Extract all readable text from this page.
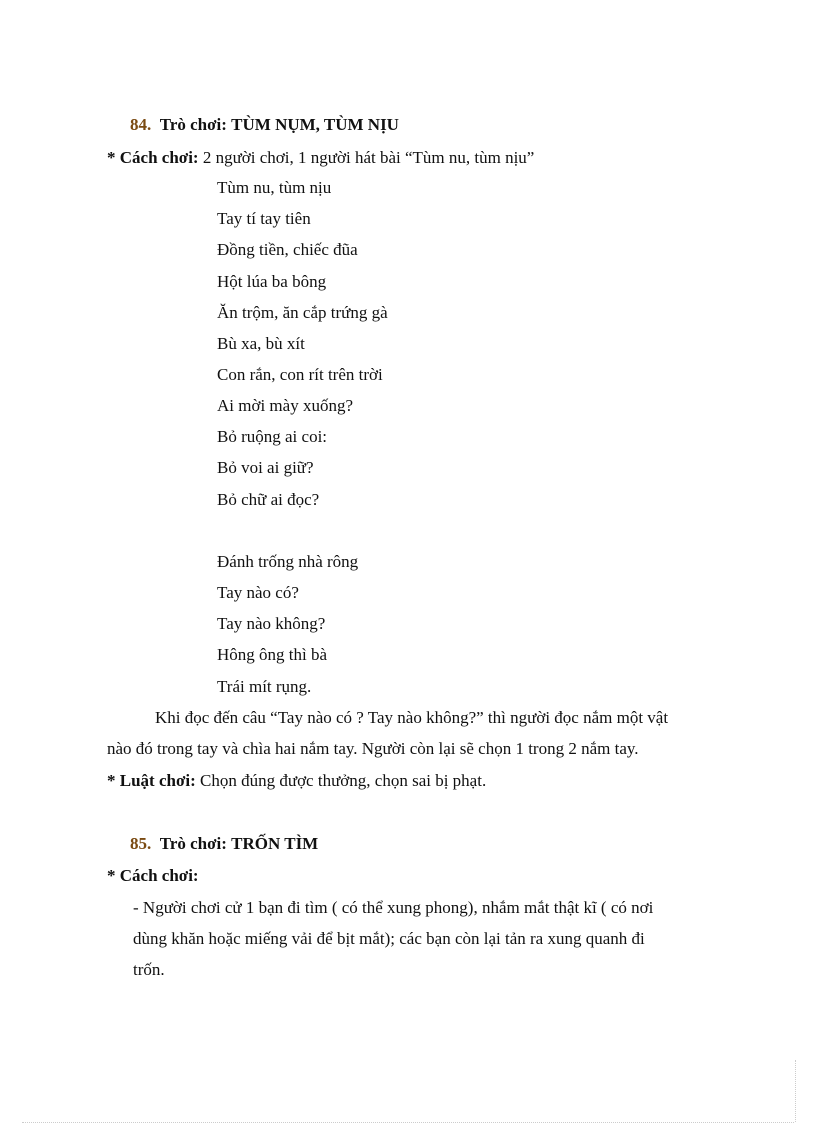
84. Trò chơi: TÙM NỤM, TÙM NỊU
* Cách chơi: 2 người chơi, 1 người hát bài “Tùm nu, tùm nịu”
Tùm nu, tùm nịu
Tay tí tay tiên
Đồng tiền, chiếc đũa
Hột lúa ba bông
Ăn trộm, ăn cắp trứng gà
Bù xa, bù xít
Con rắn, con rít trên trời
Ai mời mày xuống?
Bỏ ruộng ai coi:
Bỏ voi ai giữ?
Bỏ chữ ai đọc?
Đánh trống nhà rông
Tay nào có?
Tay nào không?
Hông ông thì bà
Trái mít rụng.
Khi đọc đến câu “Tay nào có ? Tay nào không?” thì người đọc nắm một vật
nào đó trong tay và chìa hai nắm tay. Người còn lại sẽ chọn 1 trong 2 nắm tay.
* Luật chơi: Chọn đúng được thưởng, chọn sai bị phạt.
85. Trò chơi: TRỐN TÌM
* Cách chơi:
- Người chơi cử 1 bạn đi tìm ( có thể xung phong), nhắm mắt thật kĩ ( có nơi
dùng khăn hoặc miếng vải để bịt mắt); các bạn còn lại tản ra xung quanh đi
trốn.
